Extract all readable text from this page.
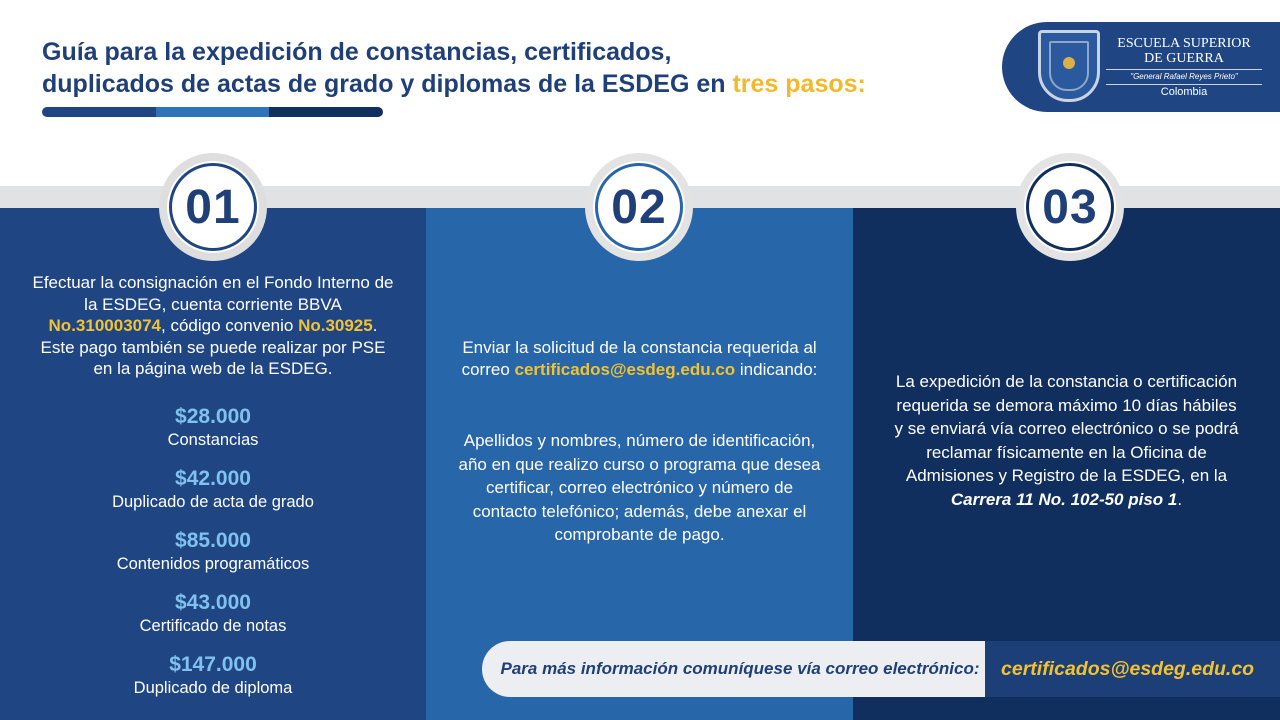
Guía para la expedición de constancias, certificados,
duplicados de actas de grado y diplomas de la ESDEG en tres pasos:
ESCUELA SUPERIOR
DE GUERRA
"General Rafael Reyes Prieto"
Colombia
01	02	03
Efectuar la consignación en el Fondo Interno de la ESDEG, cuenta corriente BBVA No.310003074, código convenio No.30925. Este pago también se puede realizar por PSE en la página web de la ESDEG.
$28.000
Constancias
$42.000
Duplicado de acta de grado
$85.000
Contenidos programáticos
$43.000
Certificado de notas
$147.000
Duplicado de diploma
Enviar la solicitud de la constancia requerida al correo certificados@esdeg.edu.co indicando:
Apellidos y nombres, número de identificación, año en que realizo curso o programa que desea certificar, correo electrónico y número de contacto telefónico; además, debe anexar el comprobante de pago.
La expedición de la constancia o certificación requerida se demora máximo 10 días hábiles y se enviará vía correo electrónico o se podrá reclamar físicamente en la Oficina de Admisiones y Registro de la ESDEG, en la Carrera 11 No. 102-50 piso 1.
Para más información comuníquese vía correo electrónico:	certificados@esdeg.edu.co
